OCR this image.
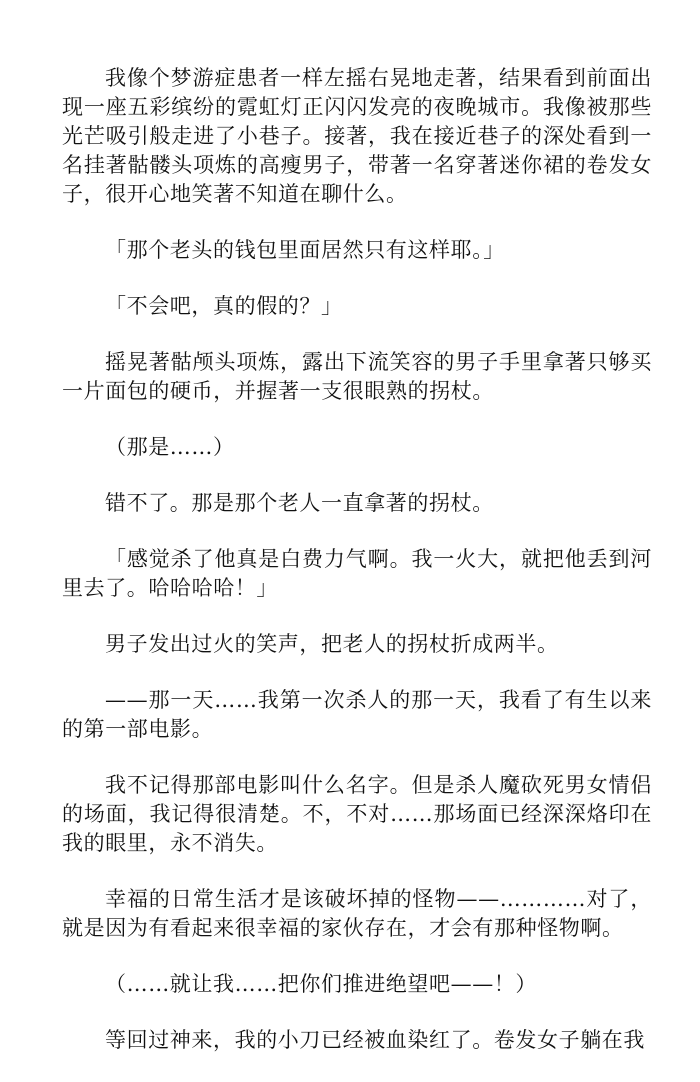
我像个梦游症患者一样左摇右晃地走著，结果看到前面出现一座五彩缤纷的霓虹灯正闪闪发亮的夜晚城市。我像被那些光芒吸引般走进了小巷子。接著，我在接近巷子的深处看到一名挂著骷髅头项炼的高瘦男子，带著一名穿著迷你裙的卷发女子，很开心地笑著不知道在聊什么。

「那个老头的钱包里面居然只有这样耶。」

「不会吧，真的假的？」

摇晃著骷颅头项炼，露出下流笑容的男子手里拿著只够买一片面包的硬币，并握著一支很眼熟的拐杖。

（那是……）

错不了。那是那个老人一直拿著的拐杖。

「感觉杀了他真是白费力气啊。我一火大，就把他丢到河里去了。哈哈哈哈！」

男子发出过火的笑声，把老人的拐杖折成两半。

——那一天……我第一次杀人的那一天，我看了有生以来的第一部电影。

我不记得那部电影叫什么名字。但是杀人魔砍死男女情侣的场面，我记得很清楚。不，不对……那场面已经深深烙印在我的眼里，永不消失。

幸福的日常生活才是该破坏掉的怪物——…………对了，就是因为有看起来很幸福的家伙存在，才会有那种怪物啊。

（……就让我……把你们推进绝望吧——！）

等回过神来，我的小刀已经被血染红了。卷发女子躺在我
